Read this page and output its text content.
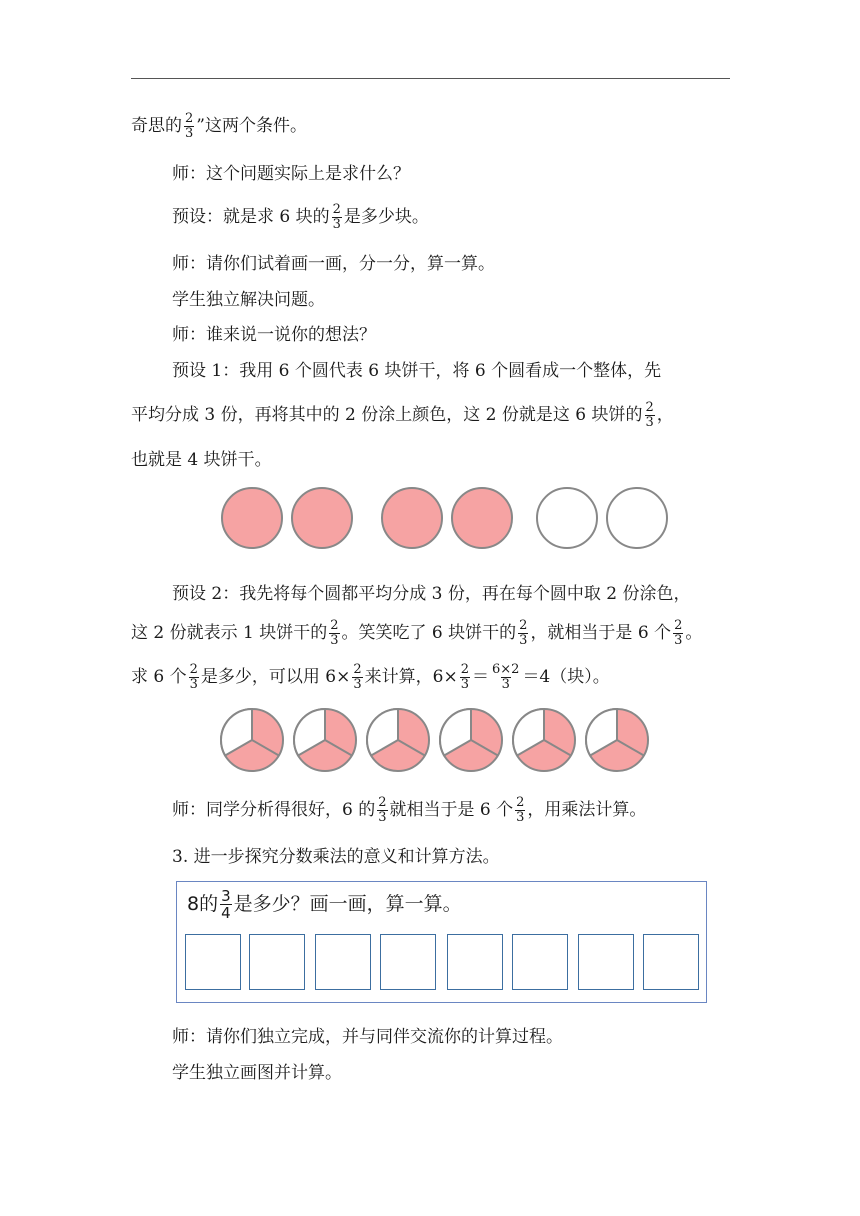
奇思的 $\frac{2}{3}$ ”这两个条件。
师：这个问题实际上是求什么？
预设：就是求 6 块的 $\frac{2}{3}$ 是多少块。
师：请你们试着画一画，分一分，算一算。
学生独立解决问题。
师：谁来说一说你的想法？
预设 1：我用 6 个圆代表 6 块饼干，将 6 个圆看成一个整体，先
平均分成 3 份，再将其中的 2 份涂上颜色，这 2 份就是这 6 块饼的 $\frac{2}{3}$ ，
也就是 4 块饼干。
预设 2：我先将每个圆都平均分成 3 份，再在每个圆中取 2 份涂色，
这 2 份就表示 1 块饼干的 $\frac{2}{3}$ 。笑笑吃了 6 块饼干的 $\frac{2}{3}$ ，就相当于是 6 个 $\frac{2}{3}$ 。
求 6 个 $\frac{2}{3}$ 是多少，可以用 $6\times \frac{2}{3}$ 来计算，$6\times \frac{2}{3} = \frac{6\times 2}{3} =4$（块）。
师：同学分析得很好，6 的 $\frac{2}{3}$ 就相当于是 6 个 $\frac{2}{3}$ ，用乘法计算。
3. 进一步探究分数乘法的意义和计算方法。
8的 $\frac{3}{4}$ 是多少？画一画，算一算。
师：请你们独立完成，并与同伴交流你的计算过程。
学生独立画图并计算。
